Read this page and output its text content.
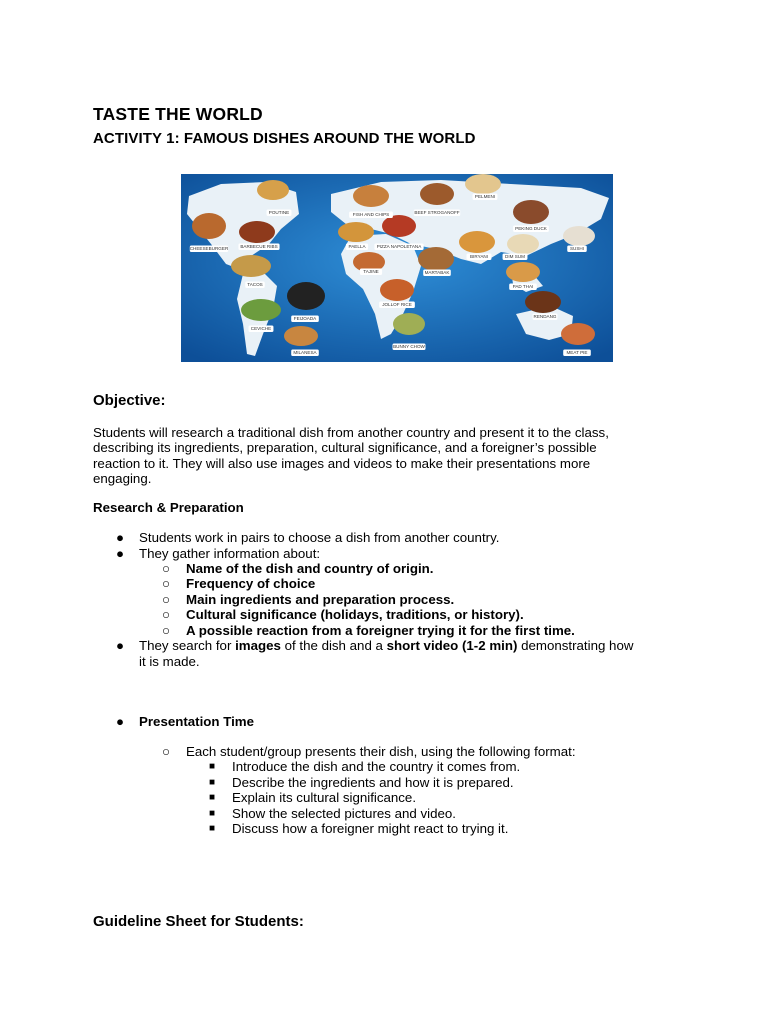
TASTE THE WORLD
ACTIVITY 1: FAMOUS DISHES AROUND THE WORLD
POUTINE	FISH AND CHIPS	BEEF STROGANOFF
PELMENI
CHEESEBURGER	BARBECUE RIBS	PAELLA PIZZA NAPOLETANA
PEKING DUCK
SUSHI
TAJINE	MARTABAK
BIRYANI	DIM SUM
TACOS	PAD THAI
JOLLOF RICE
FEIJOADA	RENDANG
CEVICHE
BUNNY CHOW
MILANESA	MEAT PIE
Objective:
Students will research a traditional dish from another country and present it to the class,
describing its ingredients, preparation, cultural significance, and a foreigner’s possible
reaction to it. They will also use images and videos to make their presentations more
engaging.
Research & Preparation
● Students work in pairs to choose a dish from another country.
● They gather information about:
○ Name of the dish and country of origin.
○ Frequency of choice
○ Main ingredients and preparation process.
○ Cultural significance (holidays, traditions, or history).
○ A possible reaction from a foreigner trying it for the first time.
● They search for images of the dish and a short video (1-2 min) demonstrating how
it is made.
● Presentation Time
○ Each student/group presents their dish, using the following format:
■ Introduce the dish and the country it comes from.
■ Describe the ingredients and how it is prepared.
■ Explain its cultural significance.
■ Show the selected pictures and video.
■ Discuss how a foreigner might react to trying it.
Guideline Sheet for Students:
